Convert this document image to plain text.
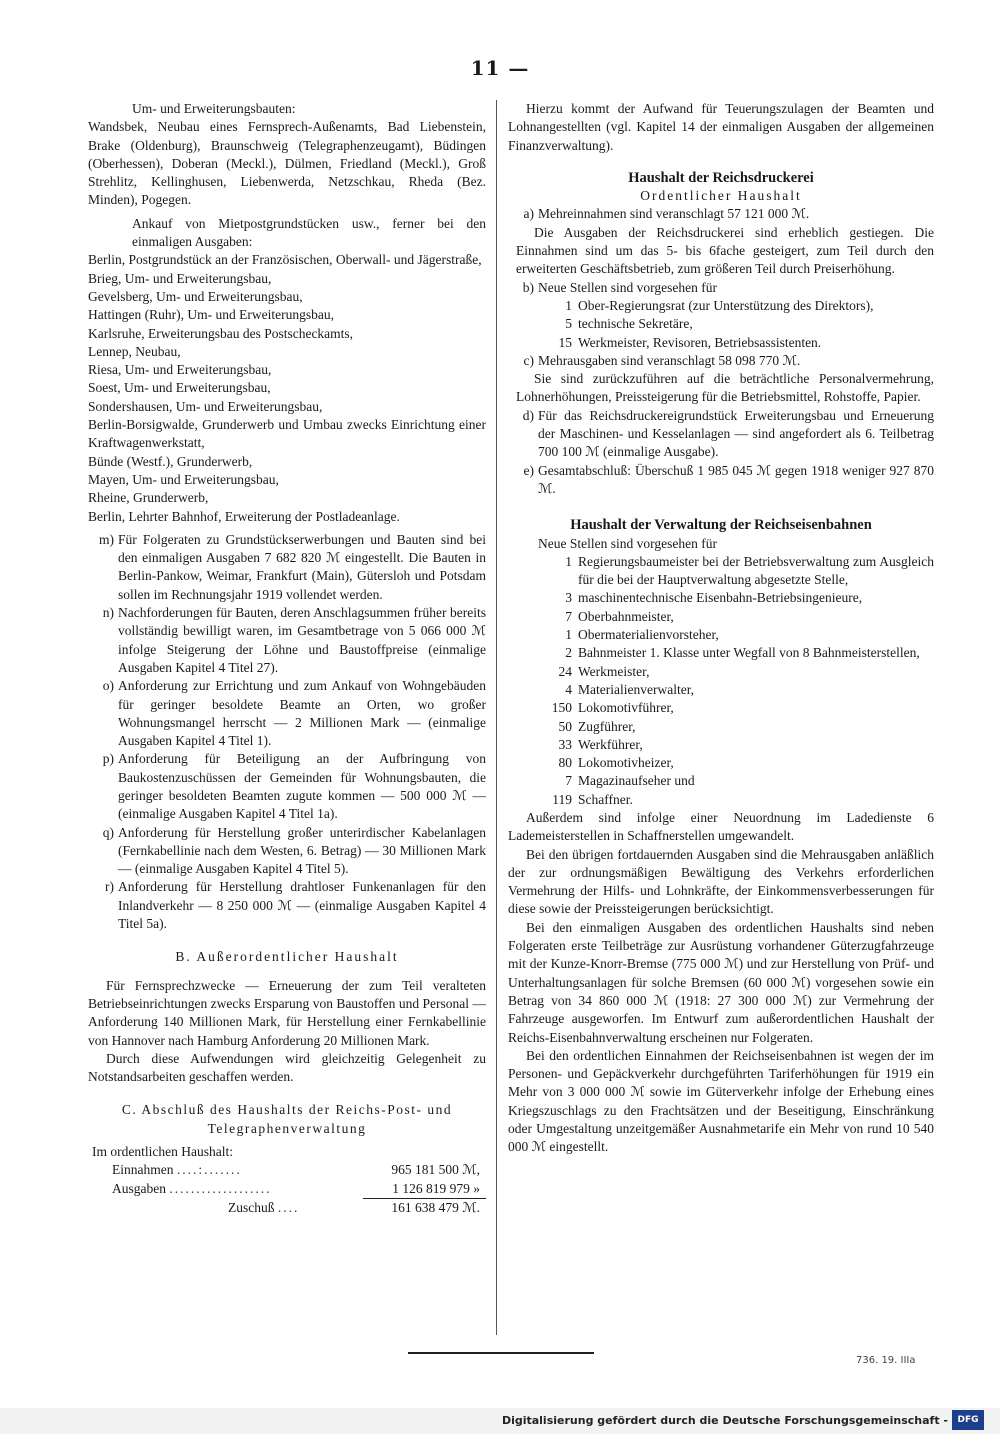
11 —

Um- und Erweiterungsbauten:

Wandsbek, Neubau eines Fernsprech-Außenamts, Bad Liebenstein, Brake (Oldenburg), Braunschweig (Telegraphenzeugamt), Büdingen (Oberhessen), Doberan (Meckl.), Dülmen, Friedland (Meckl.), Groß Strehlitz, Kellinghusen, Liebenwerda, Netzschkau, Rheda (Bez. Minden), Pogegen.

Ankauf von Mietpostgrundstücken usw., ferner bei den einmaligen Ausgaben:

Berlin, Postgrundstück an der Französischen, Oberwall- und Jägerstraße,

Brieg, Um- und Erweiterungsbau,

Gevelsberg, Um- und Erweiterungsbau,

Hattingen (Ruhr), Um- und Erweiterungsbau,

Karlsruhe, Erweiterungsbau des Postscheckamts,

Lennep, Neubau,

Riesa, Um- und Erweiterungsbau,

Soest, Um- und Erweiterungsbau,

Sondershausen, Um- und Erweiterungsbau,

Berlin-Borsigwalde, Grunderwerb und Umbau zwecks Einrichtung einer Kraftwagenwerkstatt,

Bünde (Westf.), Grunderwerb,

Mayen, Um- und Erweiterungsbau,

Rheine, Grunderwerb,

Berlin, Lehrter Bahnhof, Erweiterung der Postladeanlage.

m) Für Folgeraten zu Grundstückserwerbungen und Bauten sind bei den einmaligen Ausgaben 7 682 820 ℳ eingestellt. Die Bauten in Berlin-Pankow, Weimar, Frankfurt (Main), Gütersloh und Potsdam sollen im Rechnungsjahr 1919 vollendet werden.
n) Nachforderungen für Bauten, deren Anschlagsummen früher bereits vollständig bewilligt waren, im Gesamtbetrage von 5 066 000 ℳ infolge Steigerung der Löhne und Baustoffpreise (einmalige Ausgaben Kapitel 4 Titel 27).
o) Anforderung zur Errichtung und zum Ankauf von Wohngebäuden für geringer besoldete Beamte an Orten, wo großer Wohnungsmangel herrscht — 2 Millionen Mark — (einmalige Ausgaben Kapitel 4 Titel 1).
p) Anforderung für Beteiligung an der Aufbringung von Baukostenzuschüssen der Gemeinden für Wohnungsbauten, die geringer besoldeten Beamten zugute kommen — 500 000 ℳ — (einmalige Ausgaben Kapitel 4 Titel 1a).
q) Anforderung für Herstellung großer unterirdischer Kabelanlagen (Fernkabellinie nach dem Westen, 6. Betrag) — 30 Millionen Mark — (einmalige Ausgaben Kapitel 4 Titel 5).
r) Anforderung für Herstellung drahtloser Funkenanlagen für den Inlandverkehr — 8 250 000 ℳ — (einmalige Ausgaben Kapitel 4 Titel 5a).

B. Außerordentlicher Haushalt

Für Fernsprechzwecke — Erneuerung der zum Teil veralteten Betriebseinrichtungen zwecks Ersparung von Baustoffen und Personal — Anforderung 140 Millionen Mark, für Herstellung einer Fernkabellinie von Hannover nach Hamburg Anforderung 20 Millionen Mark.

Durch diese Aufwendungen wird gleichzeitig Gelegenheit zu Notstandsarbeiten geschaffen werden.

C. Abschluß des Haushalts der Reichs-Post- und Telegraphenverwaltung

Im ordentlichen Haushalt:

Einnahmen ....:.......	965 181 500 ℳ,
Ausgaben ...................	1 126 819 979 »
Zuschuß ....	161 638 479 ℳ.

Hierzu kommt der Aufwand für Teuerungszulagen der Beamten und Lohnangestellten (vgl. Kapitel 14 der einmaligen Ausgaben der allgemeinen Finanzverwaltung).

Haushalt der Reichsdruckerei

Ordentlicher Haushalt

a) Mehreinnahmen sind veranschlagt 57 121 000 ℳ.

Die Ausgaben der Reichsdruckerei sind erheblich gestiegen. Die Einnahmen sind um das 5- bis 6fache gesteigert, zum Teil durch den erweiterten Geschäftsbetrieb, zum größeren Teil durch Preiserhöhung.

b) Neue Stellen sind vorgesehen für
1 Ober-Regierungsrat (zur Unterstützung des Direktors),
5 technische Sekretäre,
15 Werkmeister, Revisoren, Betriebsassistenten.
c) Mehrausgaben sind veranschlagt 58 098 770 ℳ.

Sie sind zurückzuführen auf die beträchtliche Personalvermehrung, Lohnerhöhungen, Preissteigerung für die Betriebsmittel, Rohstoffe, Papier.

d) Für das Reichsdruckereigrundstück Erweiterungsbau und Erneuerung der Maschinen- und Kesselanlagen — sind angefordert als 6. Teilbetrag 700 100 ℳ (einmalige Ausgabe).
e) Gesamtabschluß: Überschuß 1 985 045 ℳ gegen 1918 weniger 927 870 ℳ.

Haushalt der Verwaltung der Reichseisenbahnen

Neue Stellen sind vorgesehen für

1 Regierungsbaumeister bei der Betriebsverwaltung zum Ausgleich für die bei der Hauptverwaltung abgesetzte Stelle,
3 maschinentechnische Eisenbahn-Betriebsingenieure,
7 Oberbahnmeister,
1 Obermaterialienvorsteher,
2 Bahnmeister 1. Klasse unter Wegfall von 8 Bahnmeisterstellen,
24 Werkmeister,
4 Materialienverwalter,
150 Lokomotivführer,
50 Zugführer,
33 Werkführer,
80 Lokomotivheizer,
7 Magazinaufseher und
119 Schaffner.

Außerdem sind infolge einer Neuordnung im Ladedienste 6 Lademeisterstellen in Schaffnerstellen umgewandelt.

Bei den übrigen fortdauernden Ausgaben sind die Mehrausgaben anläßlich der zur ordnungsmäßigen Bewältigung des Verkehrs erforderlichen Vermehrung der Hilfs- und Lohnkräfte, der Einkommensverbesserungen für diese sowie der Preissteigerungen berücksichtigt.

Bei den einmaligen Ausgaben des ordentlichen Haushalts sind neben Folgeraten erste Teilbeträge zur Ausrüstung vorhandener Güterzugfahrzeuge mit der Kunze-Knorr-Bremse (775 000 ℳ) und zur Herstellung von Prüf- und Unterhaltungsanlagen für solche Bremsen (60 000 ℳ) vorgesehen sowie ein Betrag von 34 860 000 ℳ (1918: 27 300 000 ℳ) zur Vermehrung der Fahrzeuge ausgeworfen. Im Entwurf zum außerordentlichen Haushalt der Reichs-Eisenbahnverwaltung erscheinen nur Folgeraten.

Bei den ordentlichen Einnahmen der Reichseisenbahnen ist wegen der im Personen- und Gepäckverkehr durchgeführten Tariferhöhungen für 1919 ein Mehr von 3 000 000 ℳ sowie im Güterverkehr infolge der Erhebung eines Kriegszuschlags zu den Frachtsätzen und der Beseitigung, Einschränkung oder Umgestaltung unzeitgemäßer Ausnahmetarife ein Mehr von rund 10 540 000 ℳ eingestellt.

736. 19. IIIa
Digitalisierung gefördert durch die Deutsche Forschungsgemeinschaft -	DFG
